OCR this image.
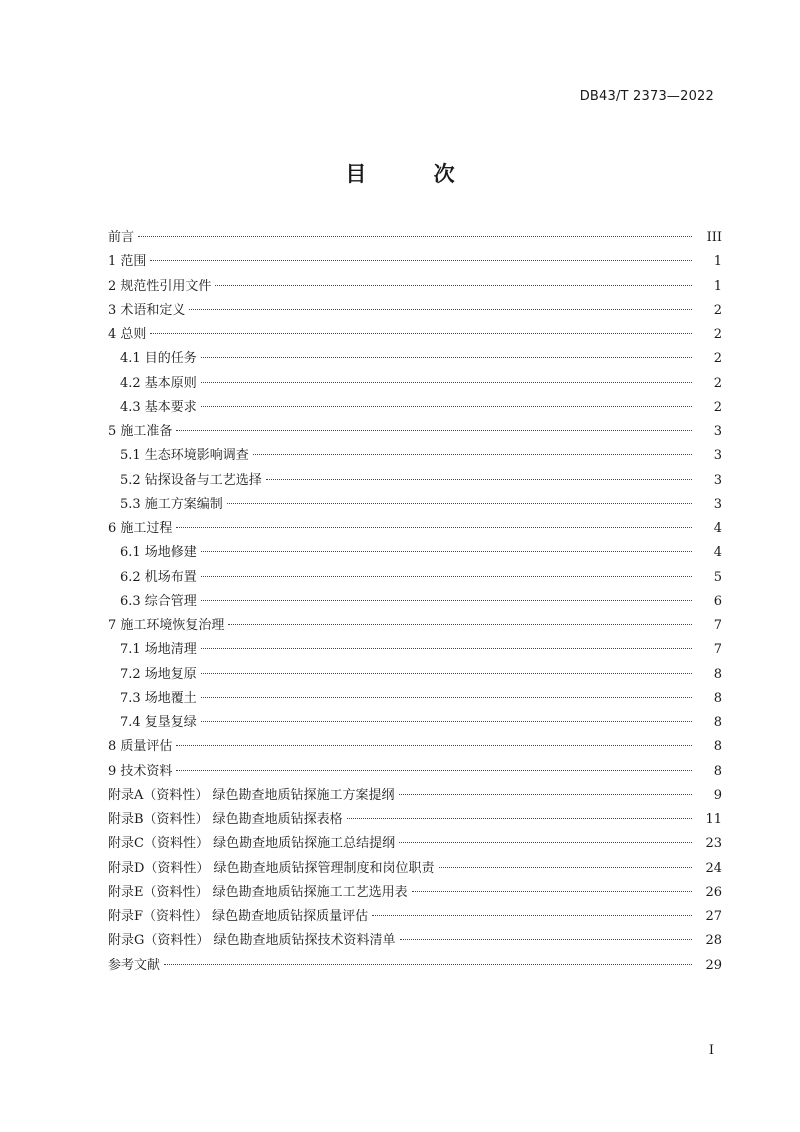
DB43/T 2373—2022
目 次
前言	III
1 范围	1
2 规范性引用文件	1
3 术语和定义	2
4 总则	2
4.1 目的任务	2
4.2 基本原则	2
4.3 基本要求	2
5 施工准备	3
5.1 生态环境影响调查	3
5.2 钻探设备与工艺选择	3
5.3 施工方案编制	3
6 施工过程	4
6.1 场地修建	4
6.2 机场布置	5
6.3 综合管理	6
7 施工环境恢复治理	7
7.1 场地清理	7
7.2 场地复原	8
7.3 场地覆土	8
7.4 复垦复绿	8
8 质量评估	8
9 技术资料	8
附录A（资料性） 绿色勘查地质钻探施工方案提纲	9
附录B（资料性） 绿色勘查地质钻探表格	11
附录C（资料性） 绿色勘查地质钻探施工总结提纲	23
附录D（资料性） 绿色勘查地质钻探管理制度和岗位职责	24
附录E（资料性） 绿色勘查地质钻探施工工艺选用表	26
附录F（资料性） 绿色勘查地质钻探质量评估	27
附录G（资料性） 绿色勘查地质钻探技术资料清单	28
参考文献	29
I
